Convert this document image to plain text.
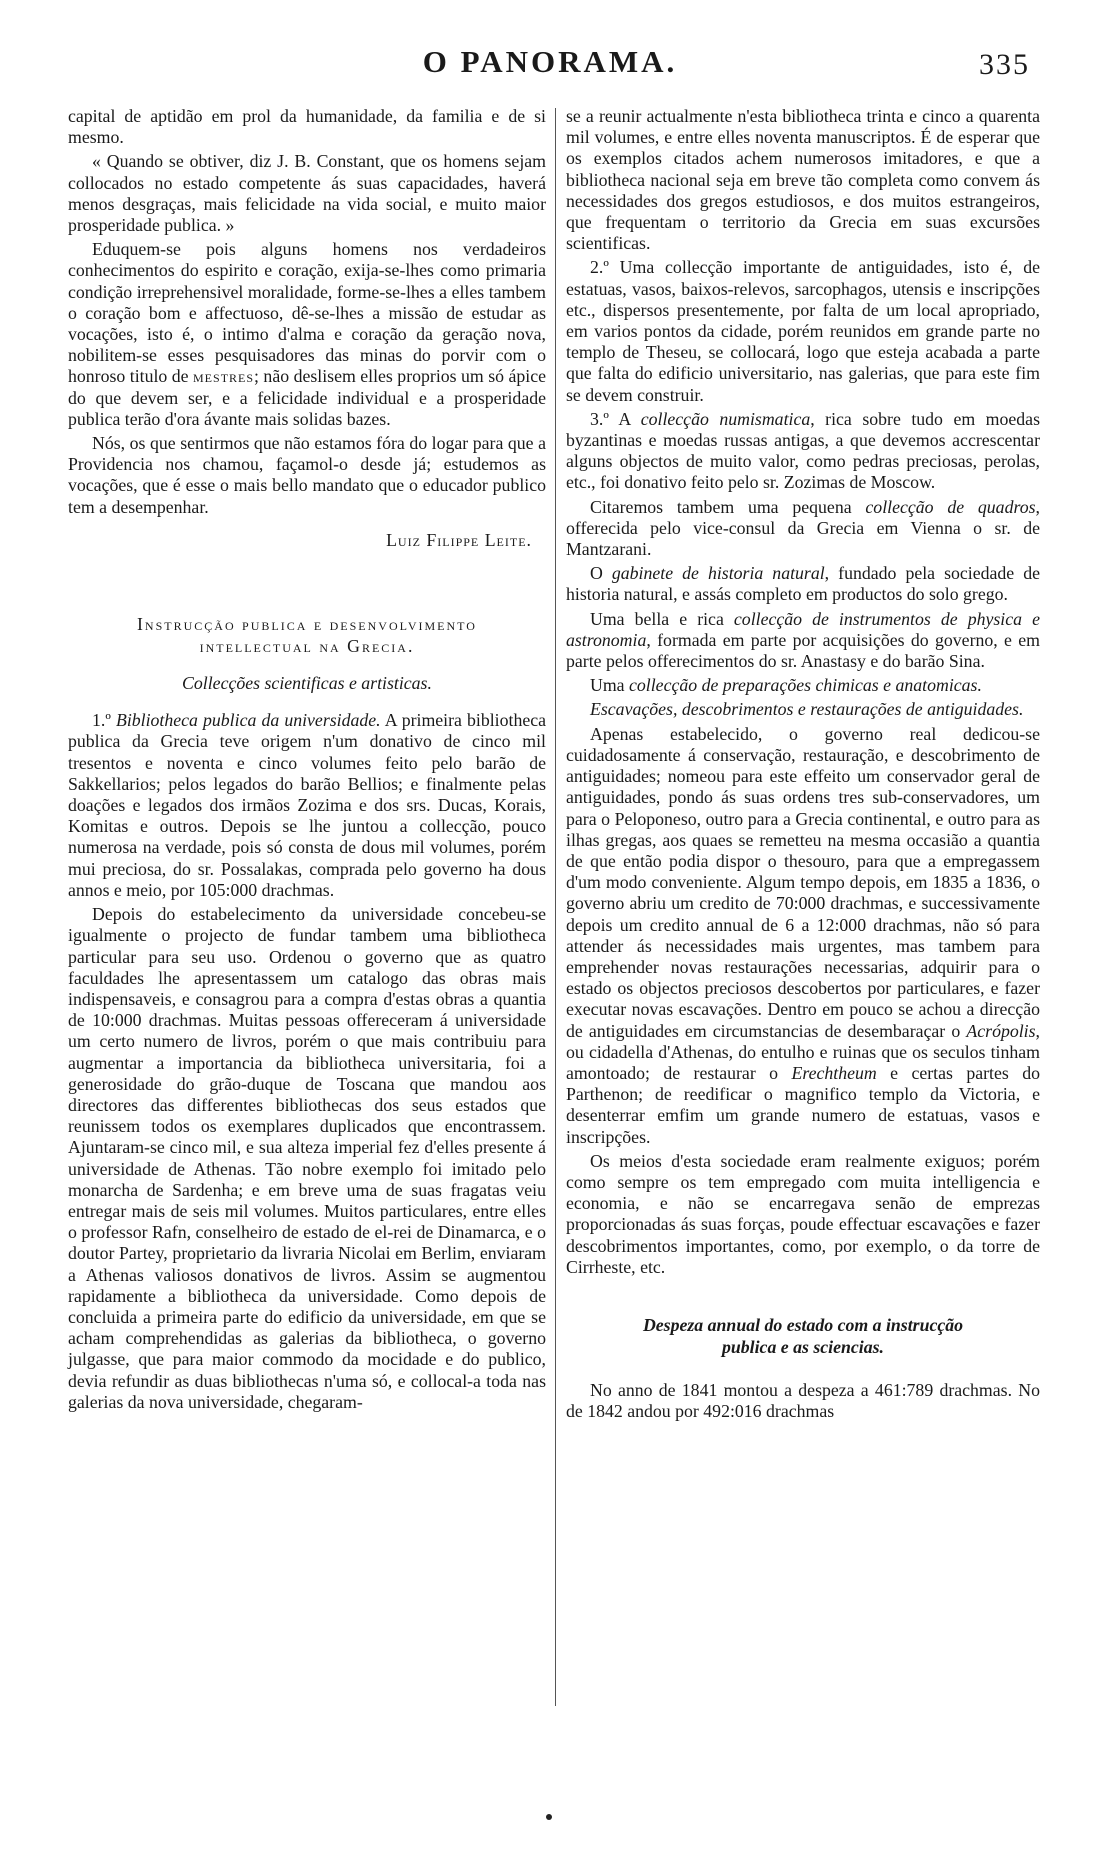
O PANORAMA.	335

capital de aptidão em prol da humanidade, da familia e de si mesmo.

« Quando se obtiver, diz J. B. Constant, que os homens sejam collocados no estado competente ás suas capacidades, haverá menos desgraças, mais felicidade na vida social, e muito maior prosperidade publica. »

Eduquem-se pois alguns homens nos verdadeiros conhecimentos do espirito e coração, exija-se-lhes como primaria condição irreprehensivel moralidade, forme-se-lhes a elles tambem o coração bom e affectuoso, dê-se-lhes a missão de estudar as vocações, isto é, o intimo d'alma e coração da geração nova, nobilitem-se esses pesquisadores das minas do porvir com o honroso titulo de mestres; não deslisem elles proprios um só ápice do que devem ser, e a felicidade individual e a prosperidade publica terão d'ora ávante mais solidas bazes.

Nós, os que sentirmos que não estamos fóra do logar para que a Providencia nos chamou, façamol-o desde já; estudemos as vocações, que é esse o mais bello mandato que o educador publico tem a desempenhar.

Luiz Filippe Leite.
Instrucção publica e desenvolvimento
intellectual na Grecia.
Collecções scientificas e artisticas.

1.º Bibliotheca publica da universidade. A primeira bibliotheca publica da Grecia teve origem n'um donativo de cinco mil tresentos e noventa e cinco volumes feito pelo barão de Sakkellarios; pelos legados do barão Bellios; e finalmente pelas doações e legados dos irmãos Zozima e dos srs. Ducas, Korais, Komitas e outros. Depois se lhe juntou a collecção, pouco numerosa na verdade, pois só consta de dous mil volumes, porém mui preciosa, do sr. Possalakas, comprada pelo governo ha dous annos e meio, por 105:000 drachmas.

Depois do estabelecimento da universidade concebeu-se igualmente o projecto de fundar tambem uma bibliotheca particular para seu uso. Ordenou o governo que as quatro faculdades lhe apresentassem um catalogo das obras mais indispensaveis, e consagrou para a compra d'estas obras a quantia de 10:000 drachmas. Muitas pessoas offereceram á universidade um certo numero de livros, porém o que mais contribuiu para augmentar a importancia da bibliotheca universitaria, foi a generosidade do grão-duque de Toscana que mandou aos directores das differentes bibliothecas dos seus estados que reunissem todos os exemplares duplicados que encontrassem. Ajuntaram-se cinco mil, e sua alteza imperial fez d'elles presente á universidade de Athenas. Tão nobre exemplo foi imitado pelo monarcha de Sardenha; e em breve uma de suas fragatas veiu entregar mais de seis mil volumes. Muitos particulares, entre elles o professor Rafn, conselheiro de estado de el-rei de Dinamarca, e o doutor Partey, proprietario da livraria Nicolai em Berlim, enviaram a Athenas valiosos donativos de livros. Assim se augmentou rapidamente a bibliotheca da universidade. Como depois de concluida a primeira parte do edificio da universidade, em que se acham comprehendidas as galerias da bibliotheca, o governo julgasse, que para maior commodo da mocidade e do publico, devia refundir as duas bibliothecas n'uma só, e collocal-a toda nas galerias da nova universidade, chegaram-

se a reunir actualmente n'esta bibliotheca trinta e cinco a quarenta mil volumes, e entre elles noventa manuscriptos. É de esperar que os exemplos citados achem numerosos imitadores, e que a bibliotheca nacional seja em breve tão completa como convem ás necessidades dos gregos estudiosos, e dos muitos estrangeiros, que frequentam o territorio da Grecia em suas excursões scientificas.

2.º Uma collecção importante de antiguidades, isto é, de estatuas, vasos, baixos-relevos, sarcophagos, utensis e inscripções etc., dispersos presentemente, por falta de um local apropriado, em varios pontos da cidade, porém reunidos em grande parte no templo de Theseu, se collocará, logo que esteja acabada a parte que falta do edificio universitario, nas galerias, que para este fim se devem construir.

3.º A collecção numismatica, rica sobre tudo em moedas byzantinas e moedas russas antigas, a que devemos accrescentar alguns objectos de muito valor, como pedras preciosas, perolas, etc., foi donativo feito pelo sr. Zozimas de Moscow.

Citaremos tambem uma pequena collecção de quadros, offerecida pelo vice-consul da Grecia em Vienna o sr. de Mantzarani.

O gabinete de historia natural, fundado pela sociedade de historia natural, e assás completo em productos do solo grego.

Uma bella e rica collecção de instrumentos de physica e astronomia, formada em parte por acquisições do governo, e em parte pelos offerecimentos do sr. Anastasy e do barão Sina.

Uma collecção de preparações chimicas e anatomicas.

Escavações, descobrimentos e restaurações de antiguidades.

Apenas estabelecido, o governo real dedicou-se cuidadosamente á conservação, restauração, e descobrimento de antiguidades; nomeou para este effeito um conservador geral de antiguidades, pondo ás suas ordens tres sub-conservadores, um para o Peloponeso, outro para a Grecia continental, e outro para as ilhas gregas, aos quaes se remetteu na mesma occasião a quantia de que então podia dispor o thesouro, para que a empregassem d'um modo conveniente. Algum tempo depois, em 1835 a 1836, o governo abriu um credito de 70:000 drachmas, e successivamente depois um credito annual de 6 a 12:000 drachmas, não só para attender ás necessidades mais urgentes, mas tambem para emprehender novas restaurações necessarias, adquirir para o estado os objectos preciosos descobertos por particulares, e fazer executar novas escavações. Dentro em pouco se achou a direcção de antiguidades em circumstancias de desembaraçar o Acrópolis, ou cidadella d'Athenas, do entulho e ruinas que os seculos tinham amontoado; de restaurar o Erechtheum e certas partes do Parthenon; de reedificar o magnifico templo da Victoria, e desenterrar emfim um grande numero de estatuas, vasos e inscripções.

Os meios d'esta sociedade eram realmente exiguos; porém como sempre os tem empregado com muita intelligencia e economia, e não se encarregava senão de emprezas proporcionadas ás suas forças, poude effectuar escavações e fazer descobrimentos importantes, como, por exemplo, o da torre de Cirrheste, etc.

Despeza annual do estado com a instrucção
publica e as sciencias.

No anno de 1841 montou a despeza a 461:789 drachmas. No de 1842 andou por 492:016 drachmas
